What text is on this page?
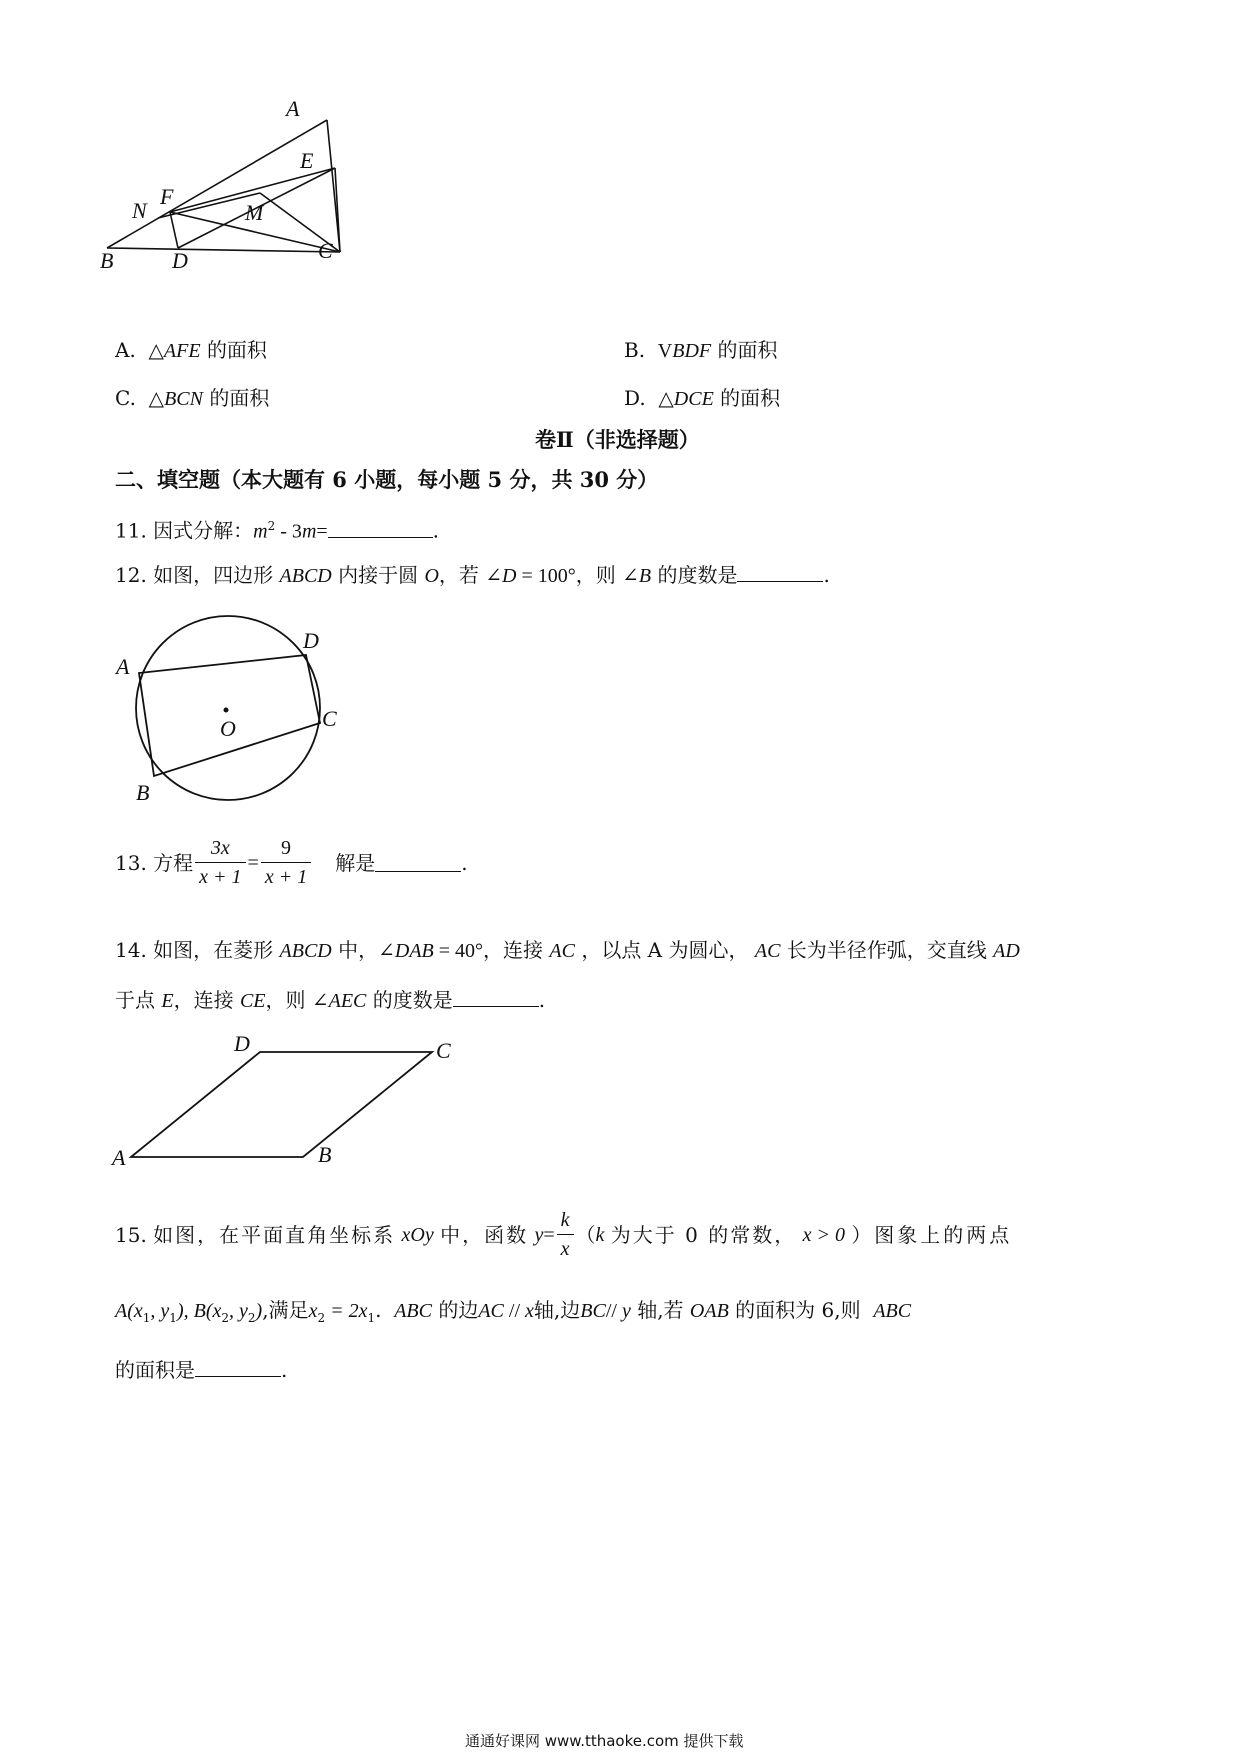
A
E
F
N	M
B	D	C
A. △AFE 的面积	B. VBDF 的面积
C. △BCN 的面积	D. △DCE 的面积
卷Ⅱ（非选择题）
二、填空题（本大题有 6 小题，每小题 5 分，共 30 分）
11. 因式分解：$m^2 - 3m=$	.
12. 如图，四边形 ABCD 内接于圆 O，若 ∠D = 100°，则 ∠B 的度数是	.
A
D
O	C
B
13.
方程 $\frac{3x}{x + 1} = \frac{9}{x + 1}$ 解是	.
14. 如图，在菱形 ABCD 中，∠DAB = 40°，连接 AC ，以点 A 为圆心， AC 长为半径作弧，交直线 AD
于点 E，连接 CE，则 ∠AEC 的度数是	.
D	C
A	B
15.
如图，在平面直角坐标系
xOy
中，函数
$y = \frac{k}{x}$ （ k
为大于 0 的常数，
x > 0
）图象上的两点
$A(x_1$, $y_1$), $B(x_2$, $y_2$),满足$x_2 = 2x_1$. ABC 的边AC // x轴,边BC// y 轴,若 OAB 的面积为 6,则 ABC
的面积是	.
通通好课网 www.tthaoke.com 提供下载
